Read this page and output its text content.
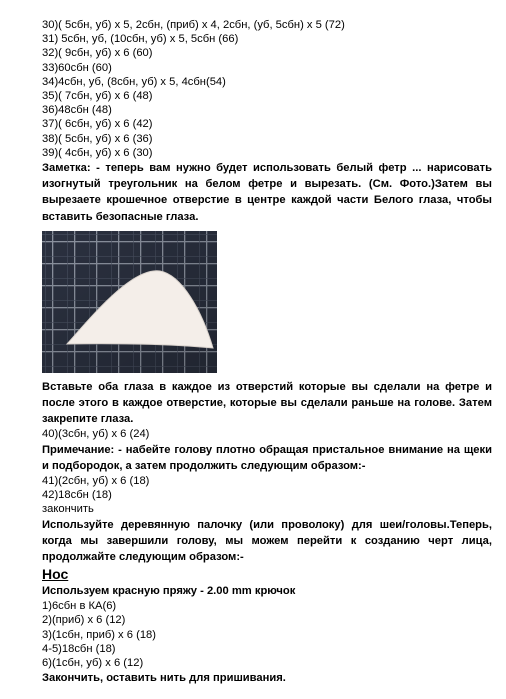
30)( 5сбн, уб) х 5, 2сбн, (приб) х 4, 2сбн, (уб, 5сбн) х 5 (72)
31) 5сбн, уб, (10сбн, уб) х 5, 5сбн (66)
32)( 9сбн, уб) х 6 (60)
33)60сбн (60)
34)4сбн, уб, (8сбн, уб) х 5, 4сбн(54)
35)( 7сбн, уб) х 6 (48)
36)48сбн (48)
37)( 6сбн, уб) х 6 (42)
38)( 5сбн, уб) х 6 (36)
39)( 4сбн, уб) х 6 (30)
Заметка: - теперь вам нужно будет использовать белый фетр ... нарисовать изогнутый треугольник на белом фетре и вырезать. (См. Фото.)Затем вы вырезаете крошечное отверстие в центре каждой части Белого глаза, чтобы вставить безопасные глаза.
Вставьте оба глаза в каждое из отверстий которые вы сделали на фетре и после этого в каждое отверстие, которые вы сделали раньше на голове. Затем закрепите глаза.
40)(3сбн, уб) х 6 (24)
Примечание: - набейте голову плотно обращая пристальное внимание на щеки и подбородок, а затем продолжить следующим образом:-
41)(2сбн, уб) х 6 (18)
42)18сбн (18)
закончить
Используйте деревянную палочку (или проволоку) для шеи/головы.Теперь, когда мы завершили голову, мы можем перейти к созданию черт лица, продолжайте следующим образом:-
Нос
Используем красную пряжу - 2.00 mm крючок
1)6сбн в КА(6)
2)(приб) х 6 (12)
3)(1сбн, приб) х 6 (18)
4-5)18сбн (18)
6)(1сбн, уб) х 6 (12)
Закончить, оставить нить для пришивания.
